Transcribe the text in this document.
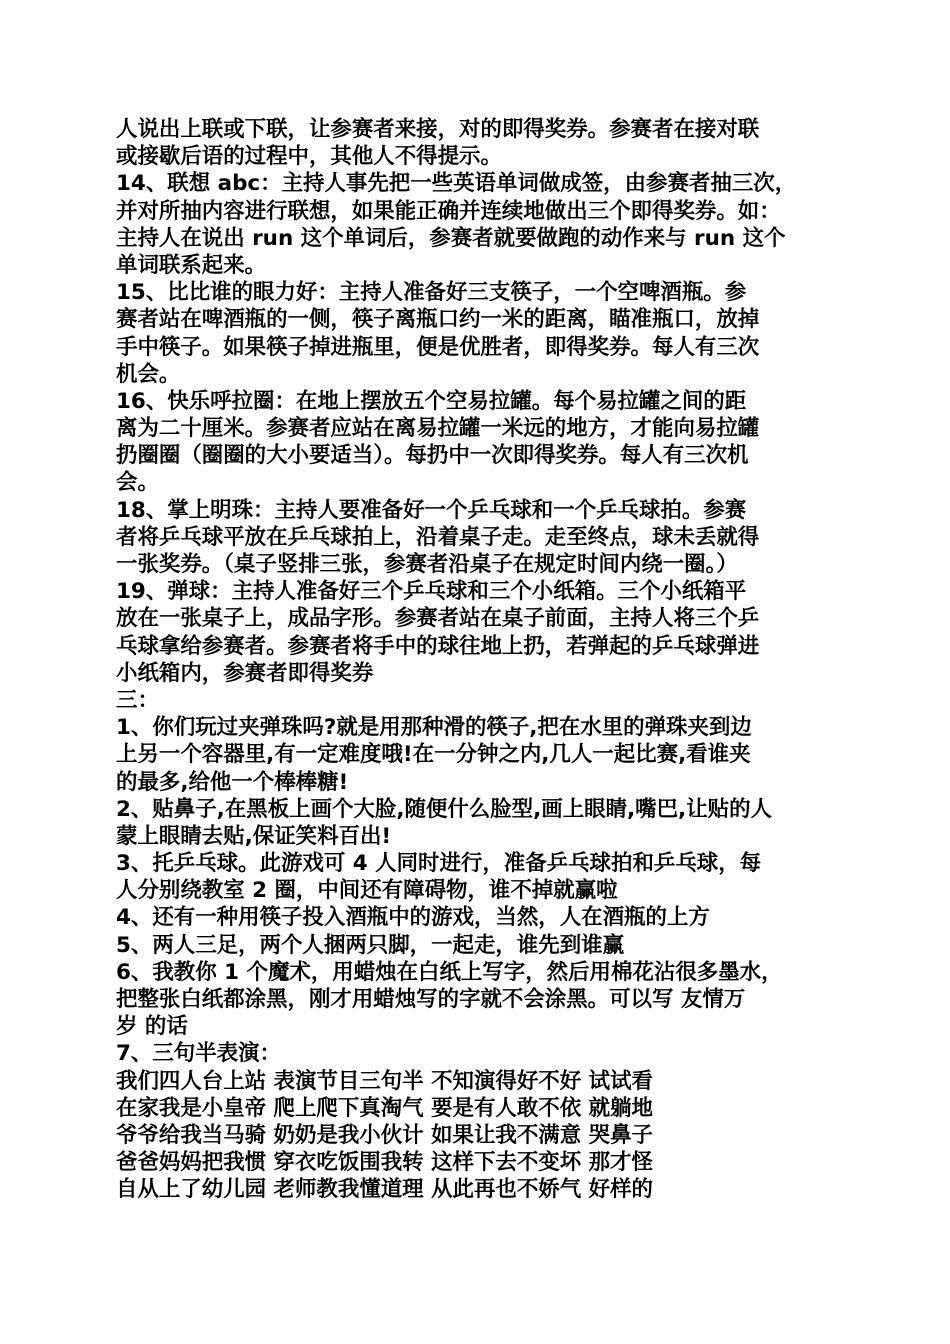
人说出上联或下联，让参赛者来接，对的即得奖券。参赛者在接对联
或接歇后语的过程中，其他人不得提示。
14、联想 abc：主持人事先把一些英语单词做成签，由参赛者抽三次，
并对所抽内容进行联想，如果能正确并连续地做出三个即得奖券。如：
主持人在说出 run 这个单词后，参赛者就要做跑的动作来与 run 这个
单词联系起来。
15、比比谁的眼力好：主持人准备好三支筷子，一个空啤酒瓶。参
赛者站在啤酒瓶的一侧，筷子离瓶口约一米的距离，瞄准瓶口，放掉
手中筷子。如果筷子掉进瓶里，便是优胜者，即得奖券。每人有三次
机会。
16、快乐呼拉圈：在地上摆放五个空易拉罐。每个易拉罐之间的距
离为二十厘米。参赛者应站在离易拉罐一米远的地方，才能向易拉罐
扔圈圈（圈圈的大小要适当）。每扔中一次即得奖券。每人有三次机
会。
18、掌上明珠：主持人要准备好一个乒乓球和一个乒乓球拍。参赛
者将乒乓球平放在乒乓球拍上，沿着桌子走。走至终点，球未丢就得
一张奖券。（桌子竖排三张，参赛者沿桌子在规定时间内绕一圈。）
19、弹球：主持人准备好三个乒乓球和三个小纸箱。三个小纸箱平
放在一张桌子上，成品字形。参赛者站在桌子前面，主持人将三个乒
乓球拿给参赛者。参赛者将手中的球往地上扔，若弹起的乒乓球弹进
小纸箱内，参赛者即得奖券
三：
1、你们玩过夹弹珠吗?就是用那种滑的筷子,把在水里的弹珠夹到边
上另一个容器里,有一定难度哦!在一分钟之内,几人一起比赛,看谁夹
的最多,给他一个棒棒糖!
2、贴鼻子,在黑板上画个大脸,随便什么脸型,画上眼睛,嘴巴,让贴的人
蒙上眼睛去贴,保证笑料百出!
3、托乒乓球。此游戏可 4 人同时进行，准备乒乓球拍和乒乓球，每
人分别绕教室 2 圈，中间还有障碍物，谁不掉就赢啦
4、还有一种用筷子投入酒瓶中的游戏，当然，人在酒瓶的上方
5、两人三足，两个人捆两只脚，一起走，谁先到谁赢
6、我教你 1 个魔术，用蜡烛在白纸上写字，然后用棉花沾很多墨水，
把整张白纸都涂黑，刚才用蜡烛写的字就不会涂黑。可以写 友情万
岁 的话
7、三句半表演：
我们四人台上站 表演节目三句半 不知演得好不好 试试看
在家我是小皇帝 爬上爬下真淘气 要是有人敢不依 就躺地
爷爷给我当马骑 奶奶是我小伙计 如果让我不满意 哭鼻子
爸爸妈妈把我惯 穿衣吃饭围我转 这样下去不变坏 那才怪
自从上了幼儿园 老师教我懂道理 从此再也不娇气 好样的
